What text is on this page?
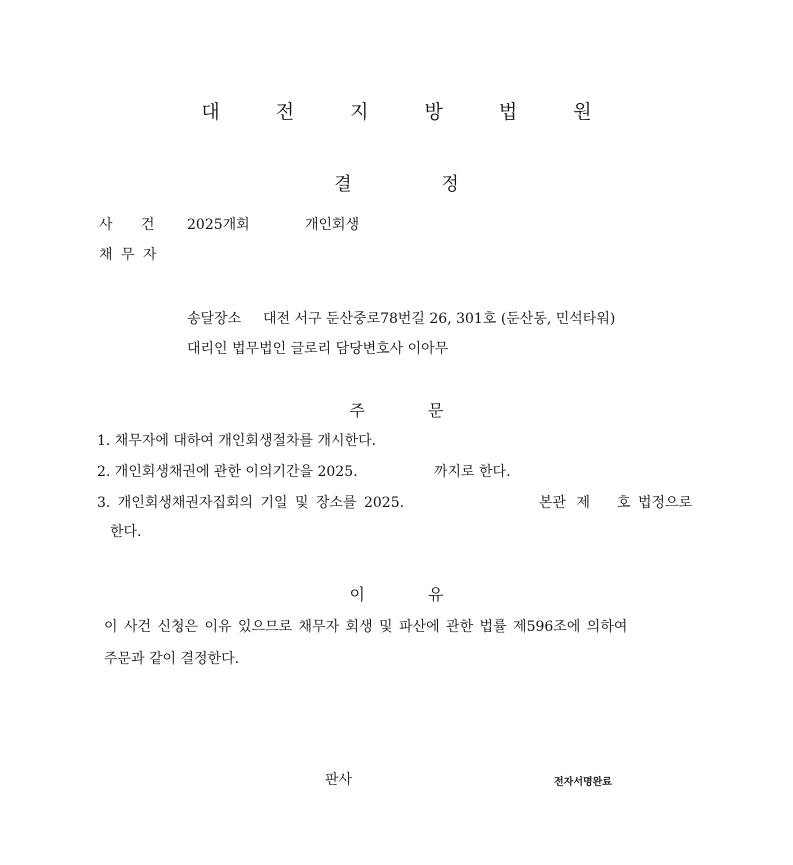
대 전 지 방 법 원
결 정
사 건 2025개회	개인회생
채 무 자
송달장소 대전 서구 둔산중로78번길 26, 301호 (둔산동, 민석타워)
대리인 법무법인 글로리 담당변호사 이아무
주 문
1. 채무자에 대하여 개인회생절차를 개시한다.
2. 개인회생채권에 관한 이의기간을 2025.	까지로 한다.
3. 개인회생채권자집회의 기일 및 장소를 2025.	본관 제 호 법정으로
한다.
이 유
이 사건 신청은 이유 있으므로 채무자 회생 및 파산에 관한 법률 제596조에 의하여
주문과 같이 결정한다.
판사	전자서명완료
